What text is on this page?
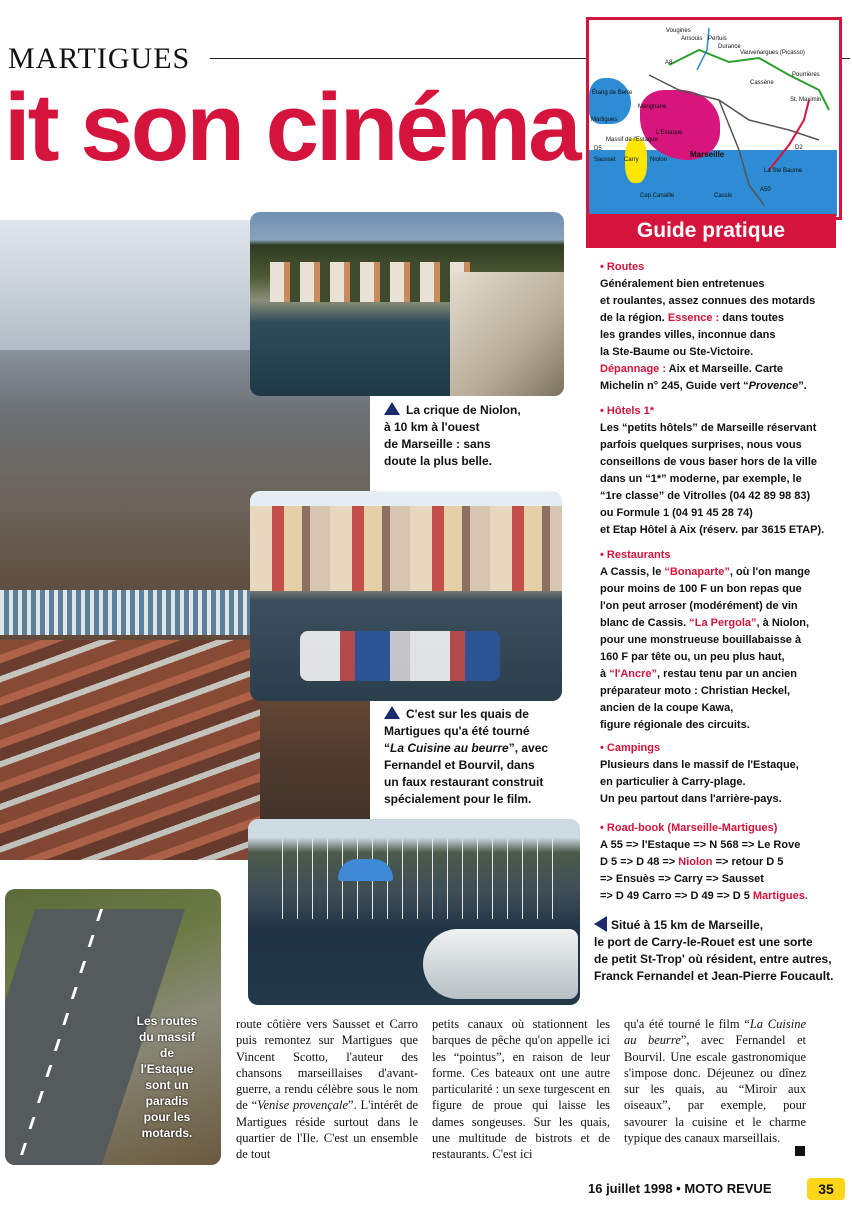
MARTIGUES
it son cinéma
La crique de Niolon,
à 10 km à l'ouest
de Marseille : sans
doute la plus belle.
C'est sur les quais de
Martigues qu'a été tourné
“La Cuisine au beurre”, avec
Fernandel et Bourvil, dans
un faux restaurant construit
spécialement pour le film.
Situé à 15 km de Marseille,
le port de Carry-le-Rouet est une sorte
de petit St-Trop' où résident, entre autres,
Franck Fernandel et Jean-Pierre Foucault.
Les routes
du massif
de
l'Estaque
sont un
paradis
pour les
motards.
Vougines
Ansouis Pertuis
Durance
Vauvenargues (Picasso)
Pourrières
St. Maximin
Cassène
Étang de Berre
Marignane
Martigues
L'Estaque
Massif de l'Estaque
Marseille
Sausset Carry Niolon
La Ste Baume
Cap Canaille	Cassis
A8
A50
D2
D5
Guide pratique
• Routes
Généralement bien entretenues
et roulantes, assez connues des motards
de la région. Essence : dans toutes
les grandes villes, inconnue dans
la Ste-Baume ou Ste-Victoire.
Dépannage : Aix et Marseille. Carte
Michelin n° 245, Guide vert “Provence”.
• Hôtels 1*
Les “petits hôtels” de Marseille réservant
parfois quelques surprises, nous vous
conseillons de vous baser hors de la ville
dans un “1*” moderne, par exemple, le
“1re classe” de Vitrolles (04 42 89 98 83)
ou Formule 1 (04 91 45 28 74)
et Etap Hôtel à Aix (réserv. par 3615 ETAP).
• Restaurants
A Cassis, le “Bonaparte”, où l'on mange
pour moins de 100 F un bon repas que
l'on peut arroser (modérément) de vin
blanc de Cassis. “La Pergola”, à Niolon,
pour une monstrueuse bouillabaisse à
160 F par tête ou, un peu plus haut,
à “l'Ancre”, restau tenu par un ancien
préparateur moto : Christian Heckel,
ancien de la coupe Kawa,
figure régionale des circuits.
• Campings
Plusieurs dans le massif de l'Estaque,
en particulier à Carry-plage.
Un peu partout dans l'arrière-pays.
• Road-book (Marseille-Martigues)
A 55 => l'Estaque => N 568 => Le Rove
D 5 => D 48 => Niolon => retour D 5
=> Ensuès => Carry => Sausset
=> D 49 Carro => D 49 => D 5 Martigues.
route côtière vers Sausset et Carro puis remontez sur Martigues que Vincent Scotto, l'auteur des chansons marseillaises d'avant-guerre, a rendu célèbre sous le nom de “Venise provençale”. L'intérêt de Martigues réside surtout dans le quartier de l'Ile. C'est un ensemble de tout
petits canaux où stationnent les barques de pêche qu'on appelle ici les “pointus”, en raison de leur forme. Ces bateaux ont une autre particularité : un sexe turgescent en figure de proue qui laisse les dames songeuses. Sur les quais, une multitude de bistrots et de restaurants. C'est ici
qu'a été tourné le film “La Cuisine au beurre”, avec Fernandel et Bourvil. Une escale gastronomique s'impose donc. Déjeunez ou dînez sur les quais, au “Miroir aux oiseaux”, par exemple, pour savourer la cuisine et le charme typique des canaux marseillais.
16 juillet 1998 • MOTO REVUE	35
